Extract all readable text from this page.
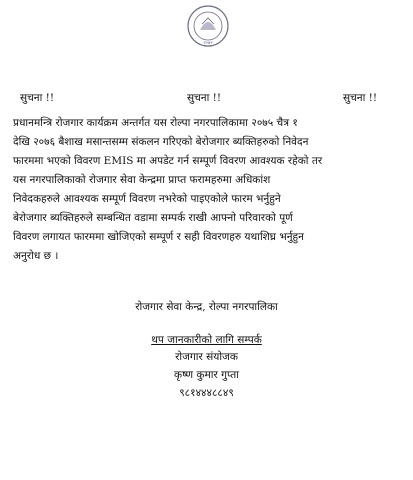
२०७२
सुचना !!	सुचना !!	सुचना !!
प्रधानमन्त्रि रोजगार कार्यक्रम अन्तर्गत यस रोल्पा नगरपालिकामा २०७५ चैत्र १
देखि २०७६ बैशाख मसान्तसम्म संकलन गरिएको बेरोजगार ब्यक्तिहरुको निवेदन
फारममा भएको विवरण EMIS मा अपडेट गर्न सम्पूर्ण विवरण आवश्यक रहेको तर
यस नगरपालिकाको रोजगार सेवा केन्द्रमा प्राप्त फरामहरुमा अधिकांश
निवेदकहरुले आवश्यक सम्पूर्ण विवरण नभरेको पाइएकोले फारम भर्नुहुने
बेरोजगार ब्यक्तिहरुले सम्बन्धित वडामा सम्पर्क राखी आफ्नो परिवारको पूर्ण
विवरण लगायत फारममा खोजिएको सम्पूर्ण र सही विवरणहरु यथाशिघ्र भर्नुहुन
अनुरोध छ ।
रोजगार सेवा केन्द्र, रोल्पा नगरपालिका
थप जानकारीको लागि सम्पर्क
रोजगार संयोजक
कृष्ण कुमार गुप्ता
९८१४४४८८४९
